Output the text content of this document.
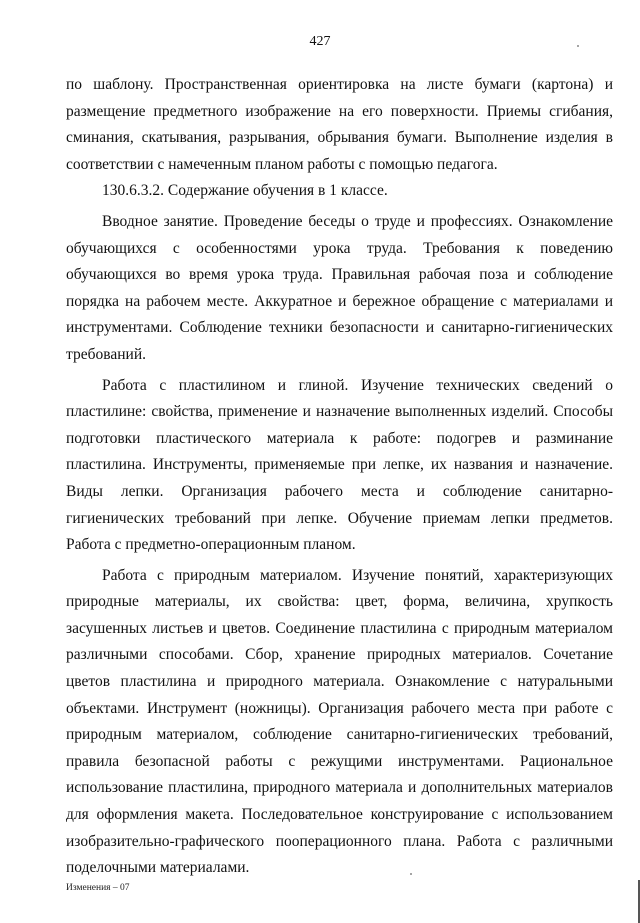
427

по шаблону. Пространственная ориентировка на листе бумаги (картона) и размещение предметного изображение на его поверхности. Приемы сгибания, сминания, скатывания, разрывания, обрывания бумаги. Выполнение изделия в соответствии с намеченным планом работы с помощью педагога.

130.6.3.2. Содержание обучения в 1 классе.

Вводное занятие. Проведение беседы о труде и профессиях. Ознакомление обучающихся с особенностями урока труда. Требования к поведению обучающихся во время урока труда. Правильная рабочая поза и соблюдение порядка на рабочем месте. Аккуратное и бережное обращение с материалами и инструментами. Соблюдение техники безопасности и санитарно-гигиенических требований.

Работа с пластилином и глиной. Изучение технических сведений о пластилине: свойства, применение и назначение выполненных изделий. Способы подготовки пластического материала к работе: подогрев и разминание пластилина. Инструменты, применяемые при лепке, их названия и назначение. Виды лепки. Организация рабочего места и соблюдение санитарно-гигиенических требований при лепке. Обучение приемам лепки предметов. Работа с предметно-операционным планом.

Работа с природным материалом. Изучение понятий, характеризующих природные материалы, их свойства: цвет, форма, величина, хрупкость засушенных листьев и цветов. Соединение пластилина с природным материалом различными способами. Сбор, хранение природных материалов. Сочетание цветов пластилина и природного материала. Ознакомление с натуральными объектами. Инструмент (ножницы). Организация рабочего места при работе с природным материалом, соблюдение санитарно-гигиенических требований, правила безопасной работы с режущими инструментами. Рациональное использование пластилина, природного материала и дополнительных материалов для оформления макета. Последовательное конструирование с использованием изобразительно-графического пооперационного плана. Работа с различными поделочными материалами.

Изменения – 07
